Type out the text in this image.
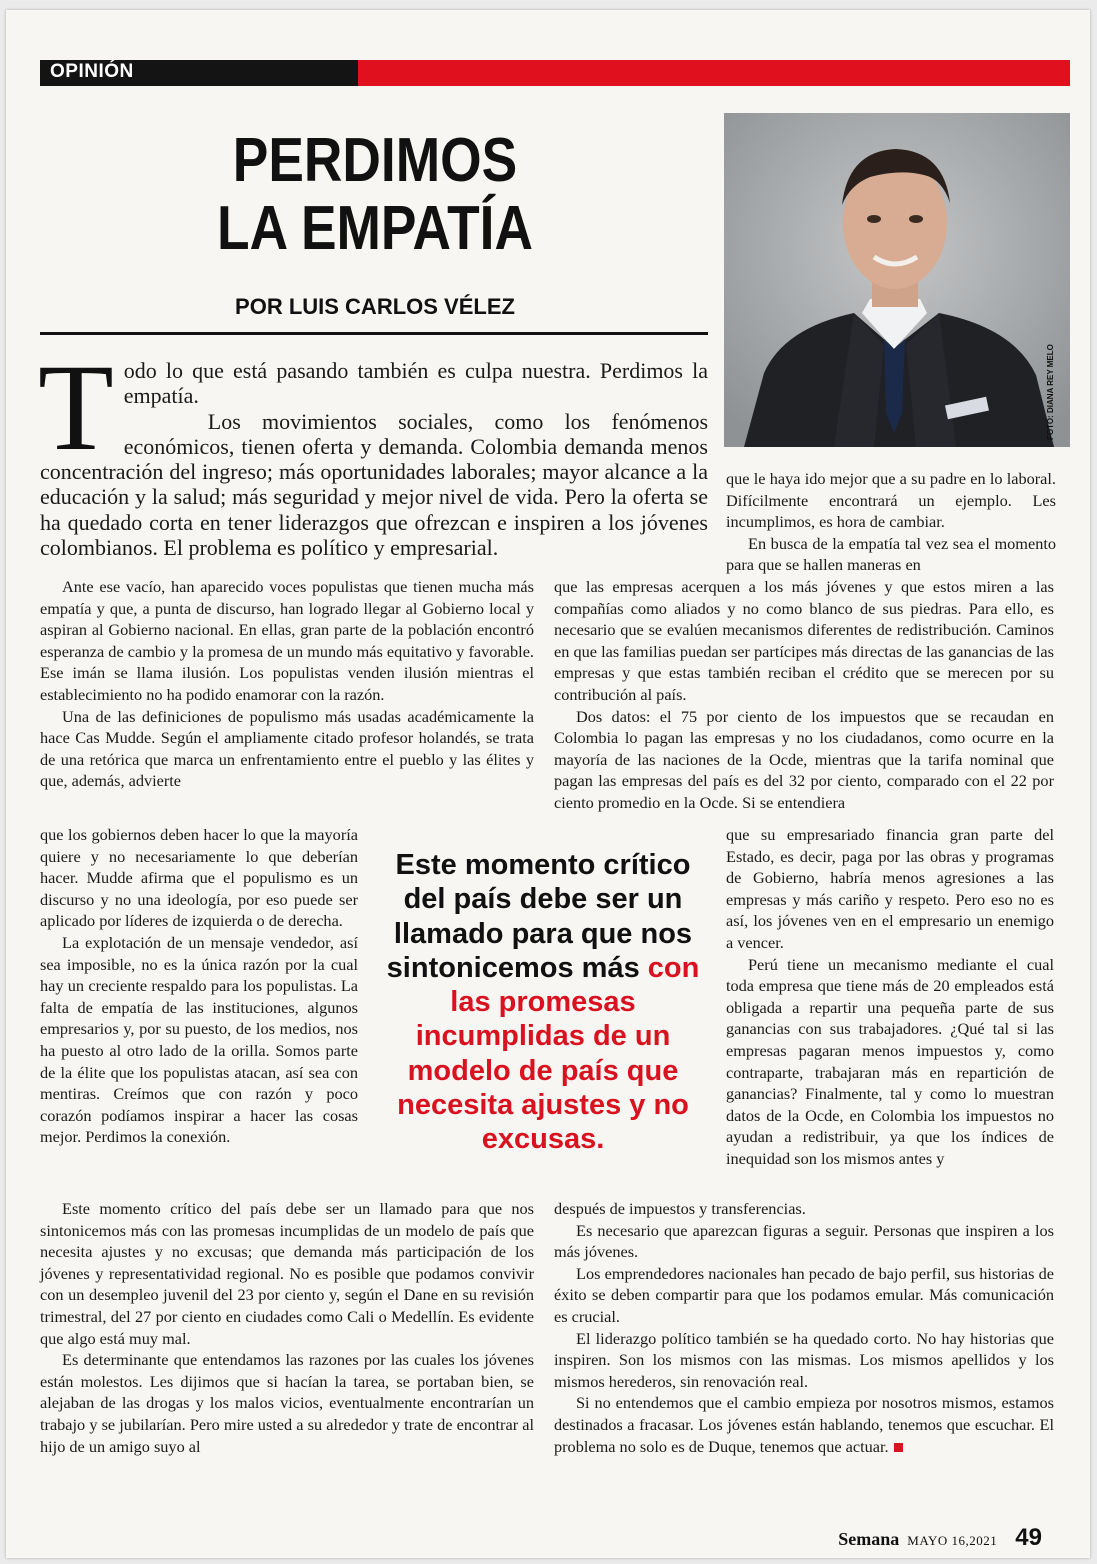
OPINIÓN
PERDIMOS
LA EMPATÍA
POR LUIS CARLOS VÉLEZ
FOTO: DIANA REY MELO
T odo lo que está pasando también es culpa nuestra. Perdimos la empatía.

Los movimientos sociales, como los fenómenos económicos, tienen oferta y demanda. Colombia demanda menos concentración del ingreso; más oportunidades laborales; mayor alcance a la educación y la salud; más seguridad y mejor nivel de vida. Pero la oferta se ha quedado corta en tener liderazgos que ofrezcan e inspiren a los jóvenes colombianos. El problema es político y empresarial.

que le haya ido mejor que a su padre en lo laboral. Difícilmente encontrará un ejemplo. Les incumplimos, es hora de cambiar.

En busca de la empatía tal vez sea el momento para que se hallen maneras en

Ante ese vacío, han aparecido voces populistas que tienen mucha más empatía y que, a punta de discurso, han logrado llegar al Gobierno local y aspiran al Gobierno nacional. En ellas, gran parte de la población encontró esperanza de cambio y la promesa de un mundo más equitativo y favorable. Ese imán se llama ilusión. Los populistas venden ilusión mientras el establecimiento no ha podido enamorar con la razón.

Una de las definiciones de populismo más usadas académicamente la hace Cas Mudde. Según el ampliamente citado profesor holandés, se trata de una retórica que marca un enfrentamiento entre el pueblo y las élites y que, además, advierte

que las empresas acerquen a los más jóvenes y que estos miren a las compañías como aliados y no como blanco de sus piedras. Para ello, es necesario que se evalúen mecanismos diferentes de redistribución. Caminos en que las familias puedan ser partícipes más directas de las ganancias de las empresas y que estas también reciban el crédito que se merecen por su contribución al país.

Dos datos: el 75 por ciento de los impuestos que se recaudan en Colombia lo pagan las empresas y no los ciudadanos, como ocurre en la mayoría de las naciones de la Ocde, mientras que la tarifa nominal que pagan las empresas del país es del 32 por ciento, comparado con el 22 por ciento promedio en la Ocde. Si se entendiera

que los gobiernos deben hacer lo que la mayoría quiere y no necesariamente lo que deberían hacer. Mudde afirma que el populismo es un discurso y no una ideología, por eso puede ser aplicado por líderes de izquierda o de derecha.

La explotación de un mensaje vendedor, así sea imposible, no es la única razón por la cual hay un creciente respaldo para los populistas. La falta de empatía de las instituciones, algunos empresarios y, por su puesto, de los medios, nos ha puesto al otro lado de la orilla. Somos parte de la élite que los populistas atacan, así sea con mentiras. Creímos que con razón y poco corazón podíamos inspirar a hacer las cosas mejor. Perdimos la conexión.

Este momento crítico del país debe ser un llamado para que nos sintonicemos más con las promesas incumplidas de un modelo de país que necesita ajustes y no excusas.

que su empresariado financia gran parte del Estado, es decir, paga por las obras y programas de Gobierno, habría menos agresiones a las empresas y más cariño y respeto. Pero eso no es así, los jóvenes ven en el empresario un enemigo a vencer.

Perú tiene un mecanismo mediante el cual toda empresa que tiene más de 20 empleados está obligada a repartir una pequeña parte de sus ganancias con sus trabajadores. ¿Qué tal si las empresas pagaran menos impuestos y, como contraparte, trabajaran más en repartición de ganancias? Finalmente, tal y como lo muestran datos de la Ocde, en Colombia los impuestos no ayudan a redistribuir, ya que los índices de inequidad son los mismos antes y

Este momento crítico del país debe ser un llamado para que nos sintonicemos más con las promesas incumplidas de un modelo de país que necesita ajustes y no excusas; que demanda más participación de los jóvenes y representatividad regional. No es posible que podamos convivir con un desempleo juvenil del 23 por ciento y, según el Dane en su revisión trimestral, del 27 por ciento en ciudades como Cali o Medellín. Es evidente que algo está muy mal.

Es determinante que entendamos las razones por las cuales los jóvenes están molestos. Les dijimos que si hacían la tarea, se portaban bien, se alejaban de las drogas y los malos vicios, eventualmente encontrarían un trabajo y se jubilarían. Pero mire usted a su alrededor y trate de encontrar al hijo de un amigo suyo al

después de impuestos y transferencias.

Es necesario que aparezcan figuras a seguir. Personas que inspiren a los más jóvenes.

Los emprendedores nacionales han pecado de bajo perfil, sus historias de éxito se deben compartir para que los podamos emular. Más comunicación es crucial.

El liderazgo político también se ha quedado corto. No hay historias que inspiren. Son los mismos con las mismas. Los mismos apellidos y los mismos herederos, sin renovación real.

Si no entendemos que el cambio empieza por nosotros mismos, estamos destinados a fracasar. Los jóvenes están hablando, tenemos que escuchar. El problema no solo es de Duque, tenemos que actuar.

Semana MAYO 16,2021 49
